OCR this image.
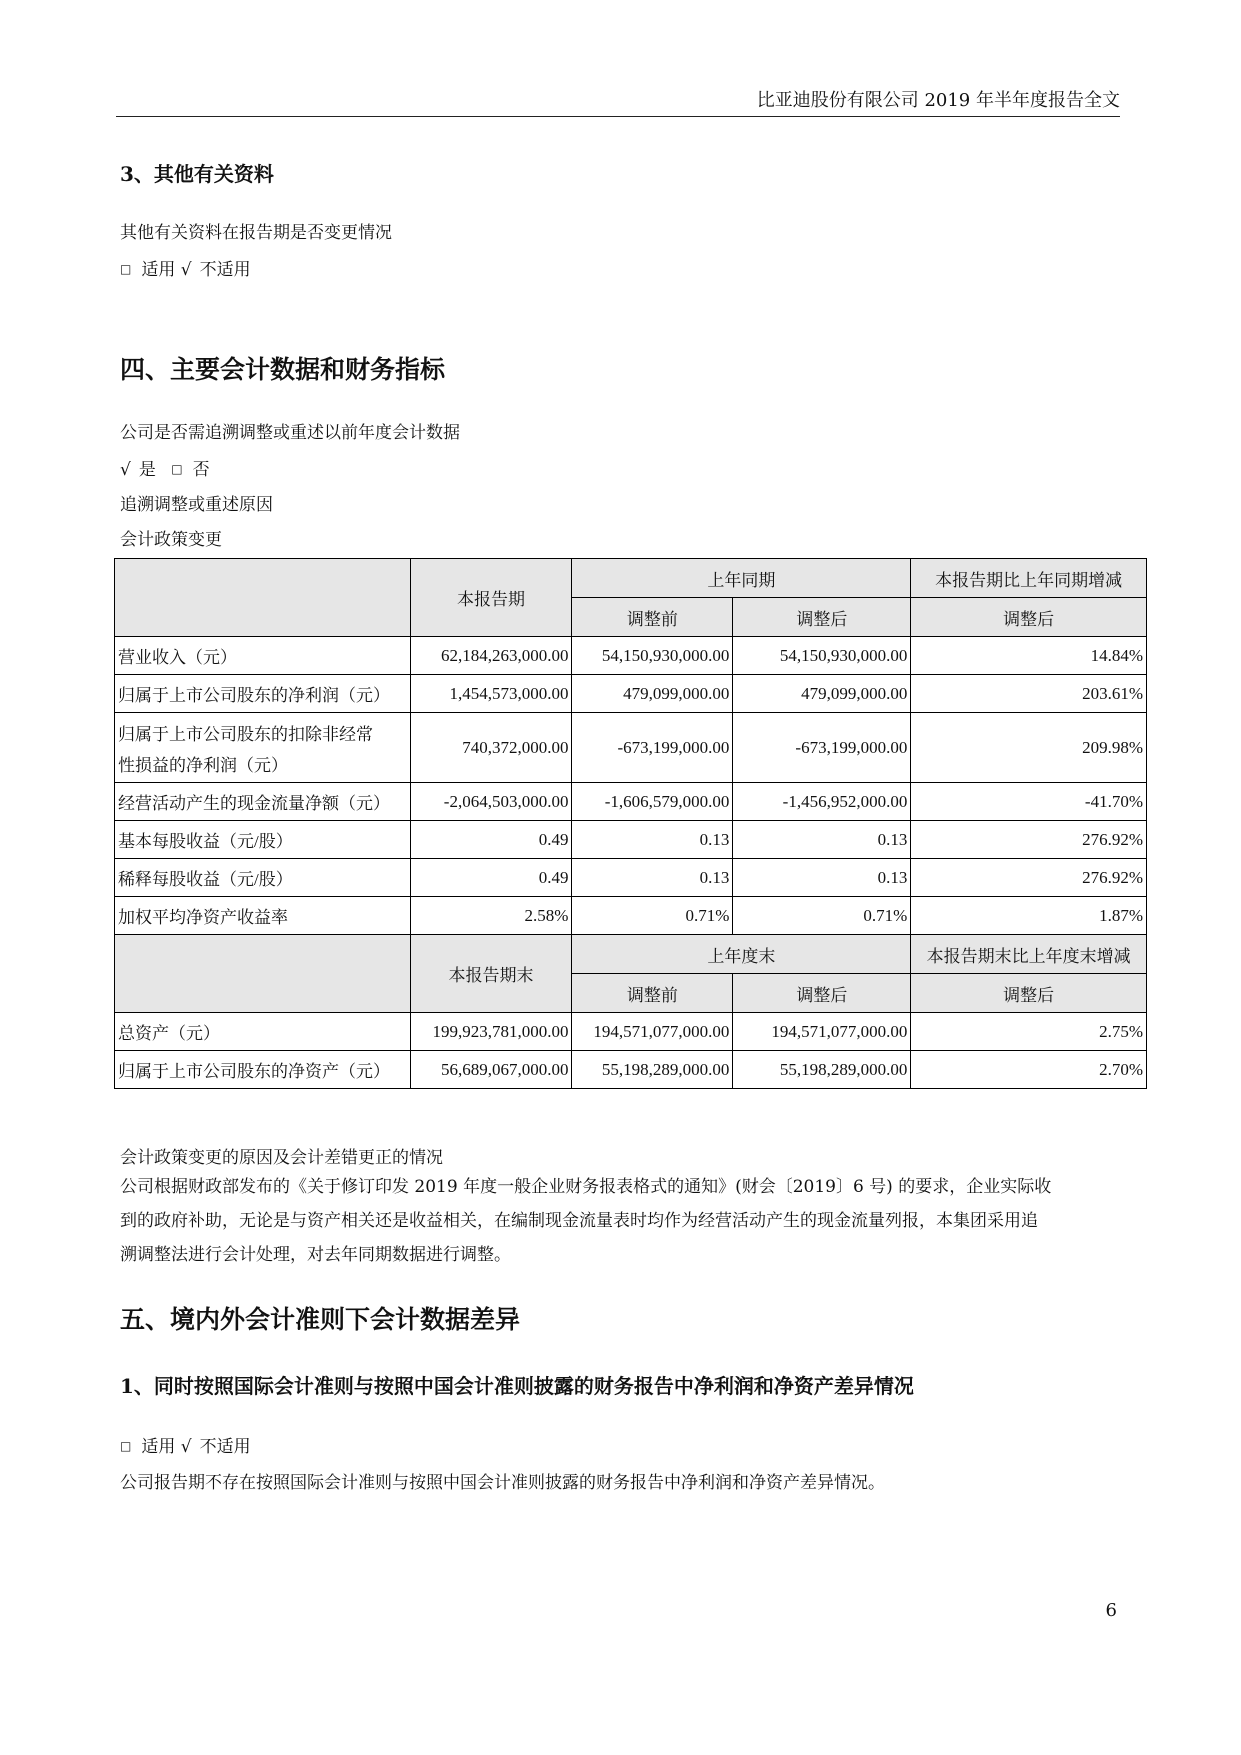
比亚迪股份有限公司 2019 年半年度报告全文
3、其他有关资料
其他有关资料在报告期是否变更情况
□ 适用 √ 不适用
四、主要会计数据和财务指标
公司是否需追溯调整或重述以前年度会计数据
√ 是 □ 否
追溯调整或重述原因
会计政策变更
	本报告期	上年同期		本报告期比上年同期增减
		调整前	调整后	调整后
营业收入（元）	62,184,263,000.00	54,150,930,000.00	54,150,930,000.00	14.84%
归属于上市公司股东的净利润（元）	1,454,573,000.00	479,099,000.00	479,099,000.00	203.61%

归属于上市公司股东的扣除非经常
性损益的净利润（元）	740,372,000.00	-673,199,000.00	-673,199,000.00	209.98%
经营活动产生的现金流量净额（元）	-2,064,503,000.00	-1,606,579,000.00	-1,456,952,000.00	-41.70%
基本每股收益（元/股）	0.49	0.13	0.13	276.92%
稀释每股收益（元/股）	0.49	0.13	0.13	276.92%
加权平均净资产收益率	2.58%	0.71%	0.71%	1.87%
	本报告期末	上年度末		本报告期末比上年度末增减
		调整前	调整后	调整后
总资产（元）	199,923,781,000.00	194,571,077,000.00	194,571,077,000.00	2.75%
归属于上市公司股东的净资产（元）	56,689,067,000.00	55,198,289,000.00	55,198,289,000.00	2.70%
会计政策变更的原因及会计差错更正的情况
公司根据财政部发布的《关于修订印发 2019 年度一般企业财务报表格式的通知》(财会〔2019〕6 号) 的要求，企业实际收
到的政府补助，无论是与资产相关还是收益相关，在编制现金流量表时均作为经营活动产生的现金流量列报，本集团采用追
溯调整法进行会计处理，对去年同期数据进行调整。
五、境内外会计准则下会计数据差异
1、同时按照国际会计准则与按照中国会计准则披露的财务报告中净利润和净资产差异情况
□ 适用 √ 不适用
公司报告期不存在按照国际会计准则与按照中国会计准则披露的财务报告中净利润和净资产差异情况。
6
